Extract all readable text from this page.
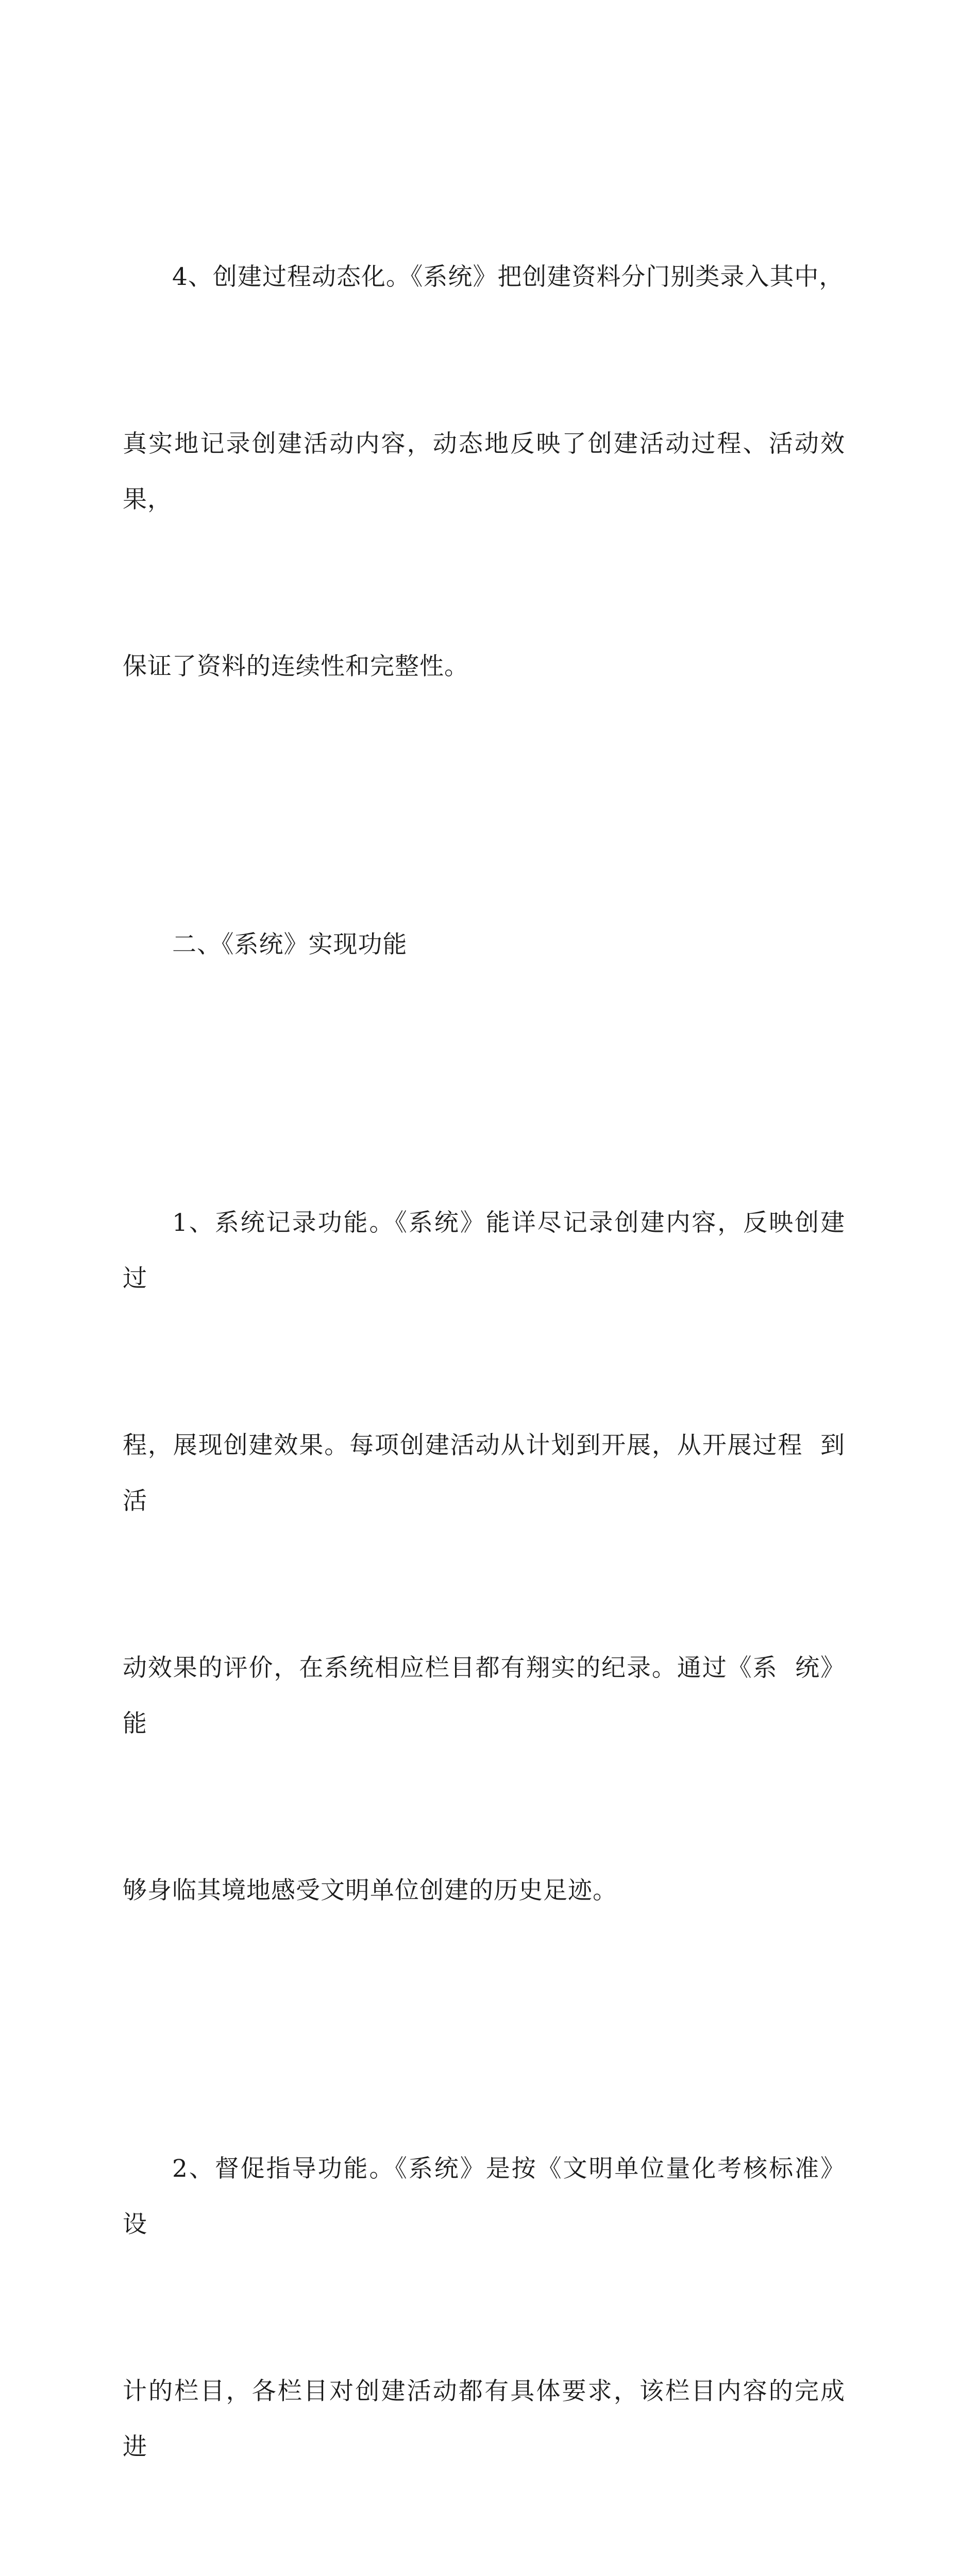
4、创建过程动态化。《系统》把创建资料分门别类录入其中，

真实地记录创建活动内容，动态地反映了创建活动过程、活动效  果，

保证了资料的连续性和完整性。

二、《系统》实现功能

1、系统记录功能。《系统》能详尽记录创建内容，反映创建  过

程，展现创建效果。每项创建活动从计划到开展，从开展过程  到活

动效果的评价，在系统相应栏目都有翔实的纪录。通过《系  统》能

够身临其境地感受文明单位创建的历史足迹。

2、督促指导功能。《系统》是按《文明单位量化考核标准》  设

计的栏目，各栏目对创建活动都有具体要求，该栏目内容的完成  进
